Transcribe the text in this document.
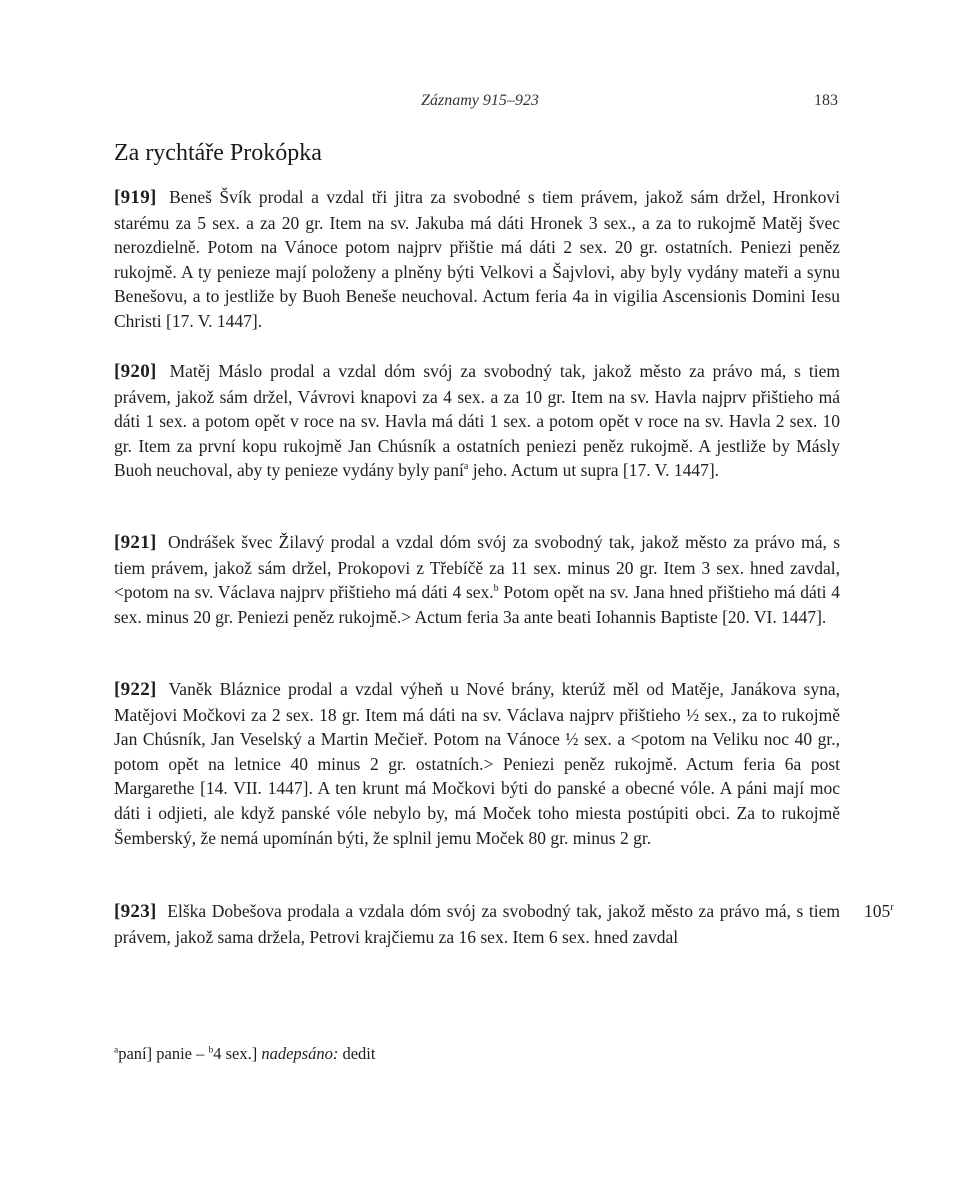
Záznamy 915–923	183
Za rychtáře Prokópka

[919] Beneš Švík prodal a vzdal tři jitra za svobodné s tiem právem, jakož sám držel, Hronkovi starému za 5 sex. a za 20 gr. Item na sv. Jakuba má dáti Hronek 3 sex., a za to rukojmě Matěj švec nerozdielně. Potom na Vánoce potom najprv přištie má dáti 2 sex. 20 gr. ostatních. Peniezi peněz rukojmě. A ty penieze mají položeny a plněny býti Velkovi a Šajvlovi, aby byly vydány mateři a synu Benešovu, a to jestliže by Buoh Beneše neuchoval. Actum feria 4a in vigilia Ascensionis Domini Iesu Christi [17. V. 1447].

[920] Matěj Máslo prodal a vzdal dóm svój za svobodný tak, jakož město za právo má, s tiem právem, jakož sám držel, Vávrovi knapovi za 4 sex. a za 10 gr. Item na sv. Havla najprv přištieho má dáti 1 sex. a potom opět v roce na sv. Havla má dáti 1 sex. a potom opět v roce na sv. Havla 2 sex. 10 gr. Item za první kopu rukojmě Jan Chúsník a ostatních peniezi peněz rukojmě. A jestliže by Másly Buoh neuchoval, aby ty penieze vydány byly paní$^a$ jeho. Actum ut supra [17. V. 1447].

[921] Ondrášek švec Žilavý prodal a vzdal dóm svój za svobodný tak, jakož město za právo má, s tiem právem, jakož sám držel, Prokopovi z Třebíčě za 11 sex. minus 20 gr. Item 3 sex. hned zavdal, <potom na sv. Václava najprv přištieho má dáti 4 sex.$^b$ Potom opět na sv. Jana hned přištieho má dáti 4 sex. minus 20 gr. Peniezi peněz rukojmě.> Actum feria 3a ante beati Iohannis Baptiste [20. VI. 1447].

[922] Vaněk Bláznice prodal a vzdal výheň u Nové brány, kterúž měl od Matěje, Janákova syna, Matějovi Močkovi za 2 sex. 18 gr. Item má dáti na sv. Václava najprv přištieho ½ sex., za to rukojmě Jan Chúsník, Jan Veselský a Martin Mečieř. Potom na Vánoce ½ sex. a <potom na Veliku noc 40 gr., potom opět na letnice 40 minus 2 gr. ostatních.> Peniezi peněz rukojmě. Actum feria 6a post Margarethe [14. VII. 1447]. A ten krunt má Močkovi býti do panské a obecné vóle. A páni mají moc dáti i odjieti, ale když panské vóle nebylo by, má Moček toho miesta postúpiti obci. Za to rukojmě Šemberský, že nemá upomínán býti, že splnil jemu Moček 80 gr. minus 2 gr.

[923] Elška Dobešova prodala a vzdala dóm svój za svobodný tak, jakož město za právo má, s tiem právem, jakož sama držela, Petrovi krajčiemu za 16 sex. Item 6 sex. hned zavdal

105$^r$
$^a$paní] panie – $^b$4 sex.] nadepsáno: dedit
